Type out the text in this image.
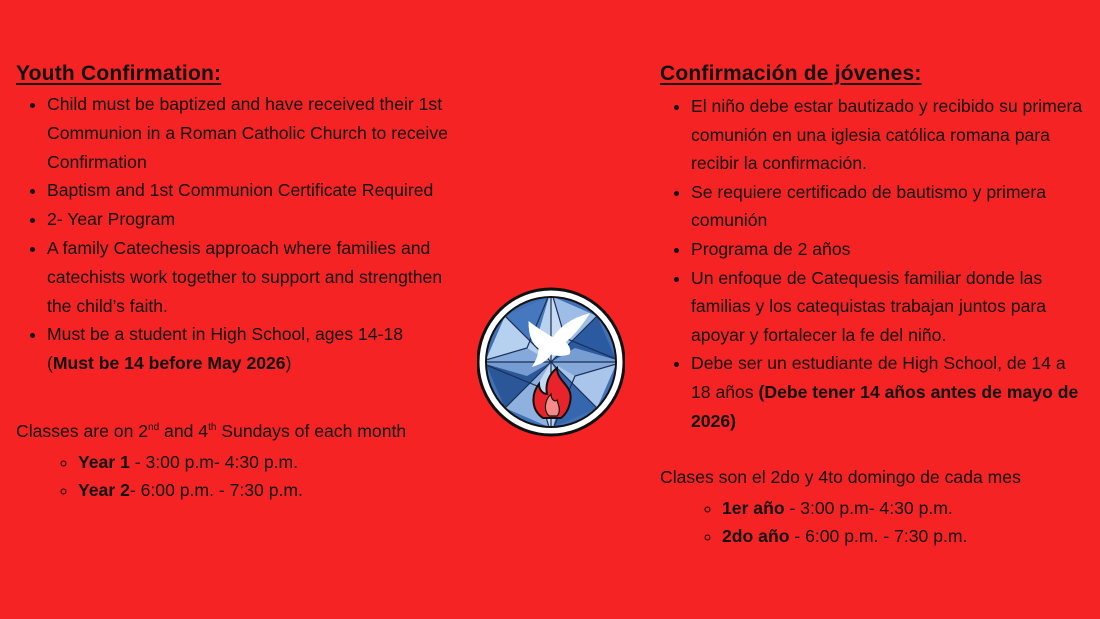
Youth Confirmation:
• Child must be baptized and have received their 1st Communion in a Roman Catholic Church to receive Confirmation
• Baptism and 1st Communion Certificate Required
• 2- Year Program
• A family Catechesis approach where families and catechists work together to support and strengthen the child’s faith.
• Must be a student in High School, ages 14-18
(Must be 14 before May 2026)
Classes are on 2nd and 4th Sundays of each month
◦ Year 1 - 3:00 p.m- 4:30 p.m.
◦ Year 2- 6:00 p.m. - 7:30 p.m.
Confirmación de jóvenes:
• El niño debe estar bautizado y recibido su primera comunión en una iglesia católica romana para recibir la confirmación.
• Se requiere certificado de bautismo y primera comunión
• Programa de 2 años
• Un enfoque de Catequesis familiar donde las familias y los catequistas trabajan juntos para apoyar y fortalecer la fe del niño.
• Debe ser un estudiante de High School, de 14 a 18 años (Debe tener 14 años antes de mayo de 2026)
Clases son el 2do y 4to domingo de cada mes
◦ 1er año - 3:00 p.m- 4:30 p.m.
◦ 2do año - 6:00 p.m. - 7:30 p.m.
